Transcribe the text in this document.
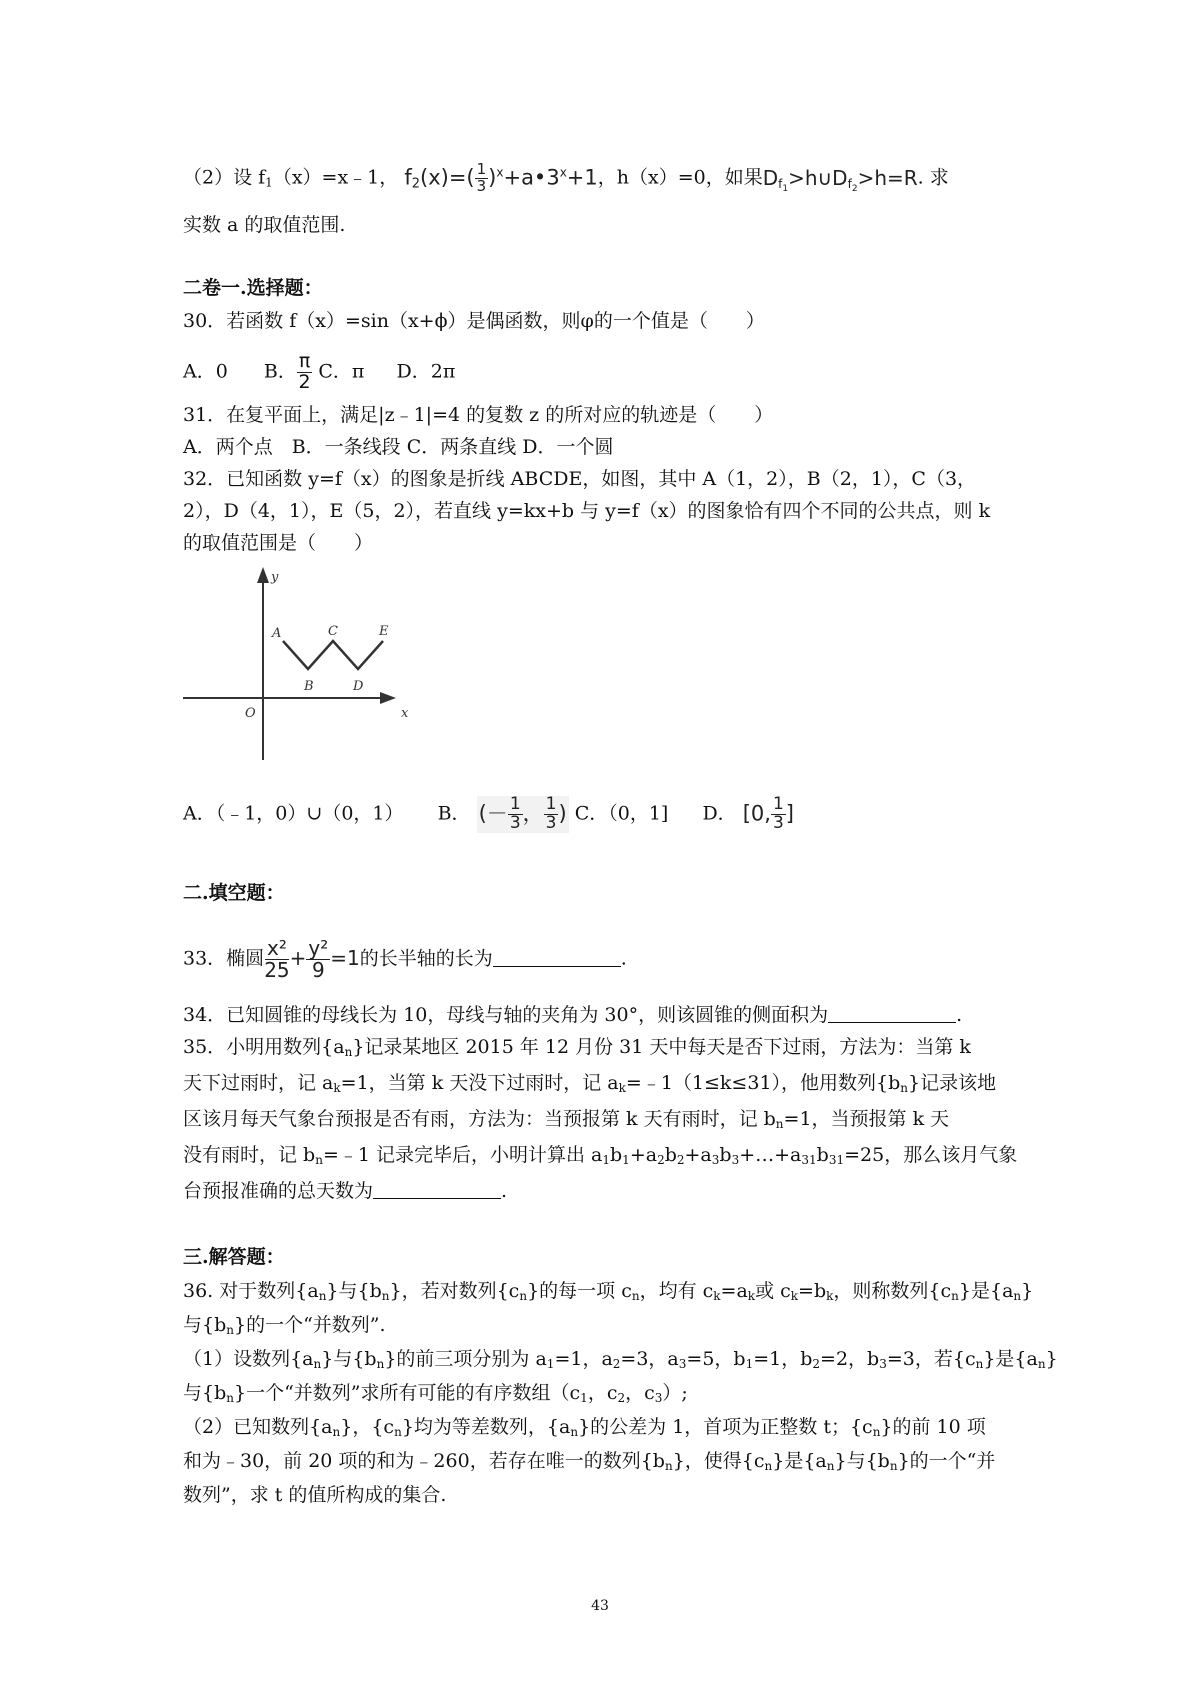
（2）设 $f_1(x)=x﹣1$， $f_2(x)=( \frac{1}{3}$ )$^x+a•3^x+1$，h（x）=0，如果$D_{f_1}>h\cup D_{f_2}>h=R$. 求
实数 a 的取值范围.
二卷一.选择题：
30．若函数 f（x）=sin（x+ϕ）是偶函数，则φ的一个值是（　　）
A．0 B． $\frac{\pi}{2}$ C．π D．2π
31．在复平面上，满足|z﹣1|=4 的复数 z 的所对应的轨迹是（　　）
A．两个点　B．一条线段 C．两条直线 D．一个圆
32．已知函数 y=f（x）的图象是折线 ABCDE，如图，其中 A（1，2），B（2，1），C（3，
2），D（4，1），E（5，2），若直线 y=kx+b 与 y=f（x）的图象恰有四个不同的公共点，则 k
的取值范围是（　　）
y
x
O
A
B
C
D
E
A．（﹣1，0）∪（0，1） B． (－ $\frac{1}{3}$ ， $\frac{1}{3}$ ) C．（0，1] D． [0, $\frac{1}{3}$ ]
二.填空题：
33．椭圆 $\frac{\text{x²}}{25} + \frac{\text{y²}}{9} =1$的长半轴的长为	.
34．已知圆锥的母线长为 10，母线与轴的夹角为 30°，则该圆锥的侧面积为	.
35．小明用数列$\{a_n\}$记录某地区 2015 年 12 月份 31 天中每天是否下过雨，方法为：当第 k
天下过雨时，记 $a_k=1$，当第 k 天没下过雨时，记 $a_k=﹣1(1\le k\le 31)$，他用数列$\{b_n\}$记录该地
区该月每天气象台预报是否有雨，方法为：当预报第 k 天有雨时，记 $b_n=1$，当预报第 k 天
没有雨时，记 $b_n=﹣1$ 记录完毕后，小明计算出 $a_1b_1+a_2b_2+a_3b_3+\dots+a_{31}b_{31}=25$，那么该月气象
台预报准确的总天数为	.
三.解答题：
36. 对于数列$\{a_n\}$与$\{b_n\}$，若对数列$\{c_n\}$的每一项 $c_n$，均有 $c_k=a_k$或 $c_k=b_k$，则称数列$\{c_n\}$是$\{a_n\}$
与$\{b_n\}$的一个“并数列”.
（1）设数列$\{a_n\}$与$\{b_n\}$的前三项分别为 $a_1=1$，$a_2=3$，$a_3=5$，$b_1=1$，$b_2=2$，$b_3=3$，若$\{c_n\}$是$\{a_n\}$
与$\{b_n\}$一个“并数列”求所有可能的有序数组（$c_1$，$c_2$，$c_3$）;
（2）已知数列$\{a_n\}$，$\{c_n\}$均为等差数列，$\{a_n\}$的公差为 1，首项为正整数 t；$\{c_n\}$的前 10 项
和为﹣30，前 20 项的和为﹣260，若存在唯一的数列$\{b_n\}$，使得$\{c_n\}$是$\{a_n\}$与$\{b_n\}$的一个“并
数列”，求 t 的值所构成的集合.
43
